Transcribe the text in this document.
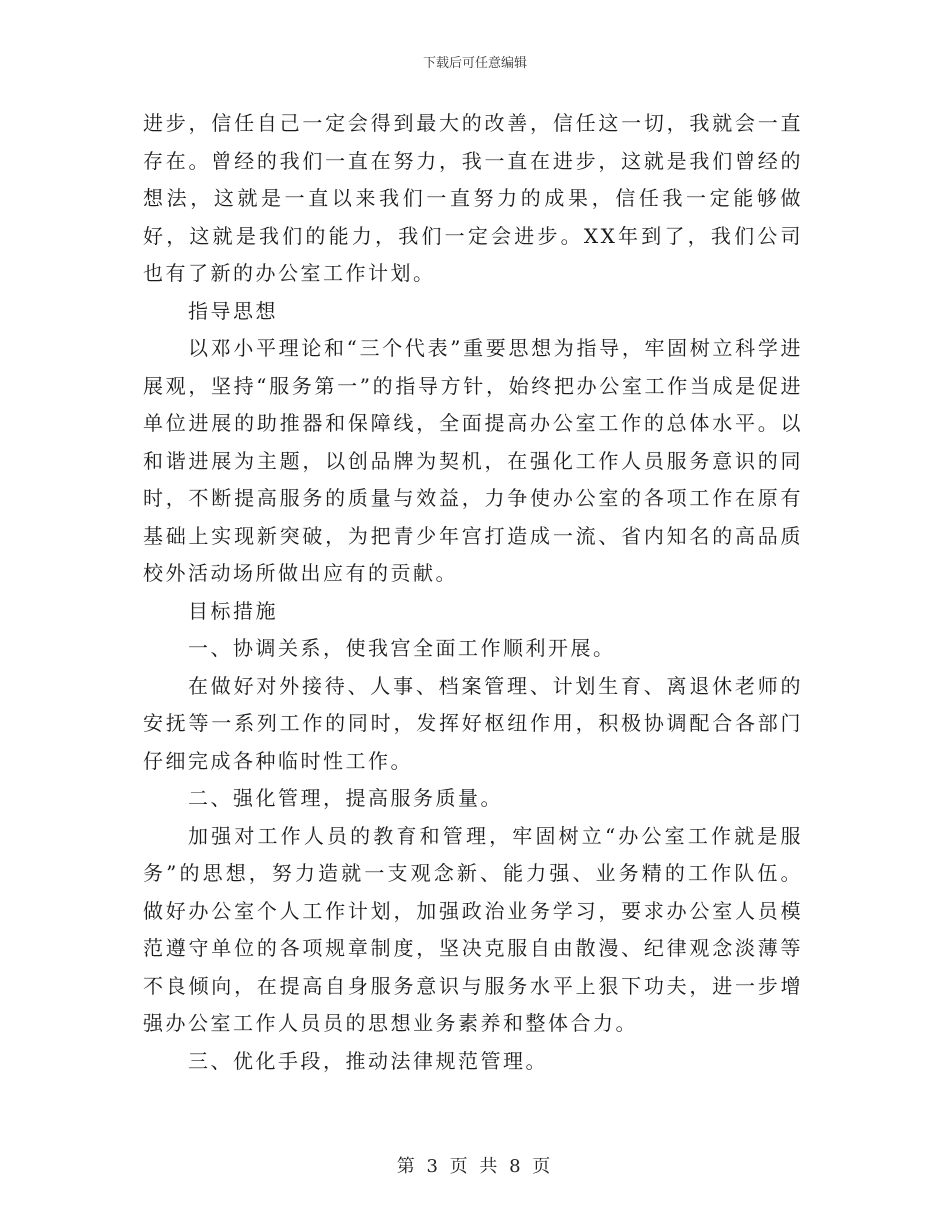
下载后可任意编辑

进步，信任自己一定会得到最大的改善，信任这一切，我就会一直存在。曾经的我们一直在努力，我一直在进步，这就是我们曾经的想法，这就是一直以来我们一直努力的成果，信任我一定能够做好，这就是我们的能力，我们一定会进步。XX年到了，我们公司也有了新的办公室工作计划。

指导思想

以邓小平理论和“三个代表”重要思想为指导，牢固树立科学进展观，坚持“服务第一”的指导方针，始终把办公室工作当成是促进单位进展的助推器和保障线，全面提高办公室工作的总体水平。以和谐进展为主题，以创品牌为契机，在强化工作人员服务意识的同时，不断提高服务的质量与效益，力争使办公室的各项工作在原有基础上实现新突破，为把青少年宫打造成一流、省内知名的高品质校外活动场所做出应有的贡献。

目标措施

一、协调关系，使我宫全面工作顺利开展。

在做好对外接待、人事、档案管理、计划生育、离退休老师的安抚等一系列工作的同时，发挥好枢纽作用，积极协调配合各部门仔细完成各种临时性工作。

二、强化管理，提高服务质量。

加强对工作人员的教育和管理，牢固树立“办公室工作就是服务”的思想，努力造就一支观念新、能力强、业务精的工作队伍。做好办公室个人工作计划，加强政治业务学习，要求办公室人员模范遵守单位的各项规章制度，坚决克服自由散漫、纪律观念淡薄等不良倾向，在提高自身服务意识与服务水平上狠下功夫，进一步增强办公室工作人员员的思想业务素养和整体合力。

三、优化手段，推动法律规范管理。

第 3 页 共 8 页
